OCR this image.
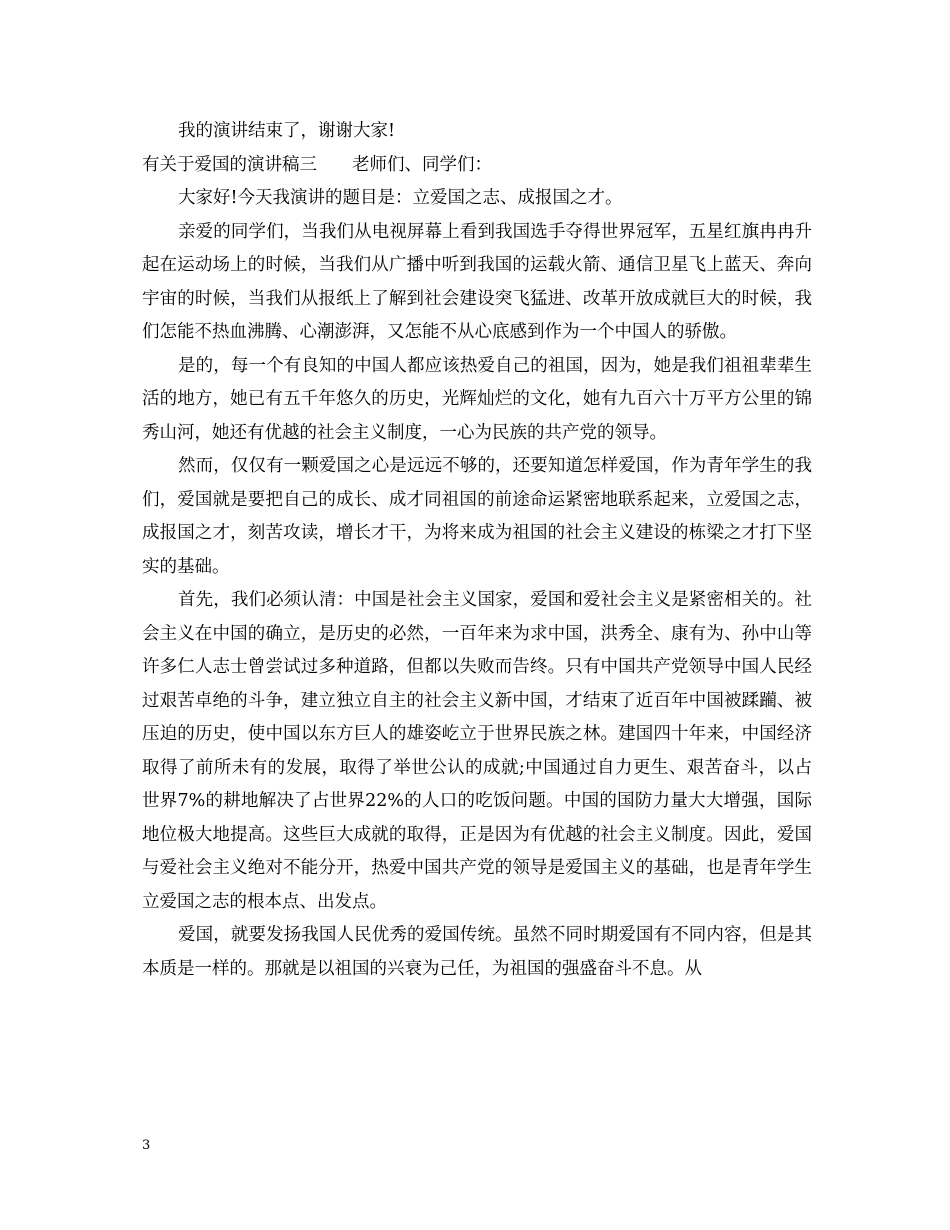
我的演讲结束了，谢谢大家!

有关于爱国的演讲稿三　　老师们、同学们：

大家好!今天我演讲的题目是：立爱国之志、成报国之才。

亲爱的同学们，当我们从电视屏幕上看到我国选手夺得世界冠军，五星红旗冉冉升起在运动场上的时候，当我们从广播中听到我国的运载火箭、通信卫星飞上蓝天、奔向宇宙的时候，当我们从报纸上了解到社会建设突飞猛进、改革开放成就巨大的时候，我们怎能不热血沸腾、心潮澎湃，又怎能不从心底感到作为一个中国人的骄傲。

是的，每一个有良知的中国人都应该热爱自己的祖国，因为，她是我们祖祖辈辈生活的地方，她已有五千年悠久的历史，光辉灿烂的文化，她有九百六十万平方公里的锦秀山河，她还有优越的社会主义制度，一心为民族的共产党的领导。

然而，仅仅有一颗爱国之心是远远不够的，还要知道怎样爱国，作为青年学生的我们，爱国就是要把自己的成长、成才同祖国的前途命运紧密地联系起来，立爱国之志，成报国之才，刻苦攻读，增长才干，为将来成为祖国的社会主义建设的栋梁之才打下坚实的基础。

首先，我们必须认清：中国是社会主义国家，爱国和爱社会主义是紧密相关的。社会主义在中国的确立，是历史的必然，一百年来为求中国，洪秀全、康有为、孙中山等许多仁人志士曾尝试过多种道路，但都以失败而告终。只有中国共产党领导中国人民经过艰苦卓绝的斗争，建立独立自主的社会主义新中国，才结束了近百年中国被蹂躏、被压迫的历史，使中国以东方巨人的雄姿屹立于世界民族之林。建国四十年来，中国经济取得了前所未有的发展，取得了举世公认的成就;中国通过自力更生、艰苦奋斗，以占世界7%的耕地解决了占世界22%的人口的吃饭问题。中国的国防力量大大增强，国际地位极大地提高。这些巨大成就的取得，正是因为有优越的社会主义制度。因此，爱国与爱社会主义绝对不能分开，热爱中国共产党的领导是爱国主义的基础，也是青年学生立爱国之志的根本点、出发点。

爱国，就要发扬我国人民优秀的爱国传统。虽然不同时期爱国有不同内容，但是其本质是一样的。那就是以祖国的兴衰为己任，为祖国的强盛奋斗不息。从

3
